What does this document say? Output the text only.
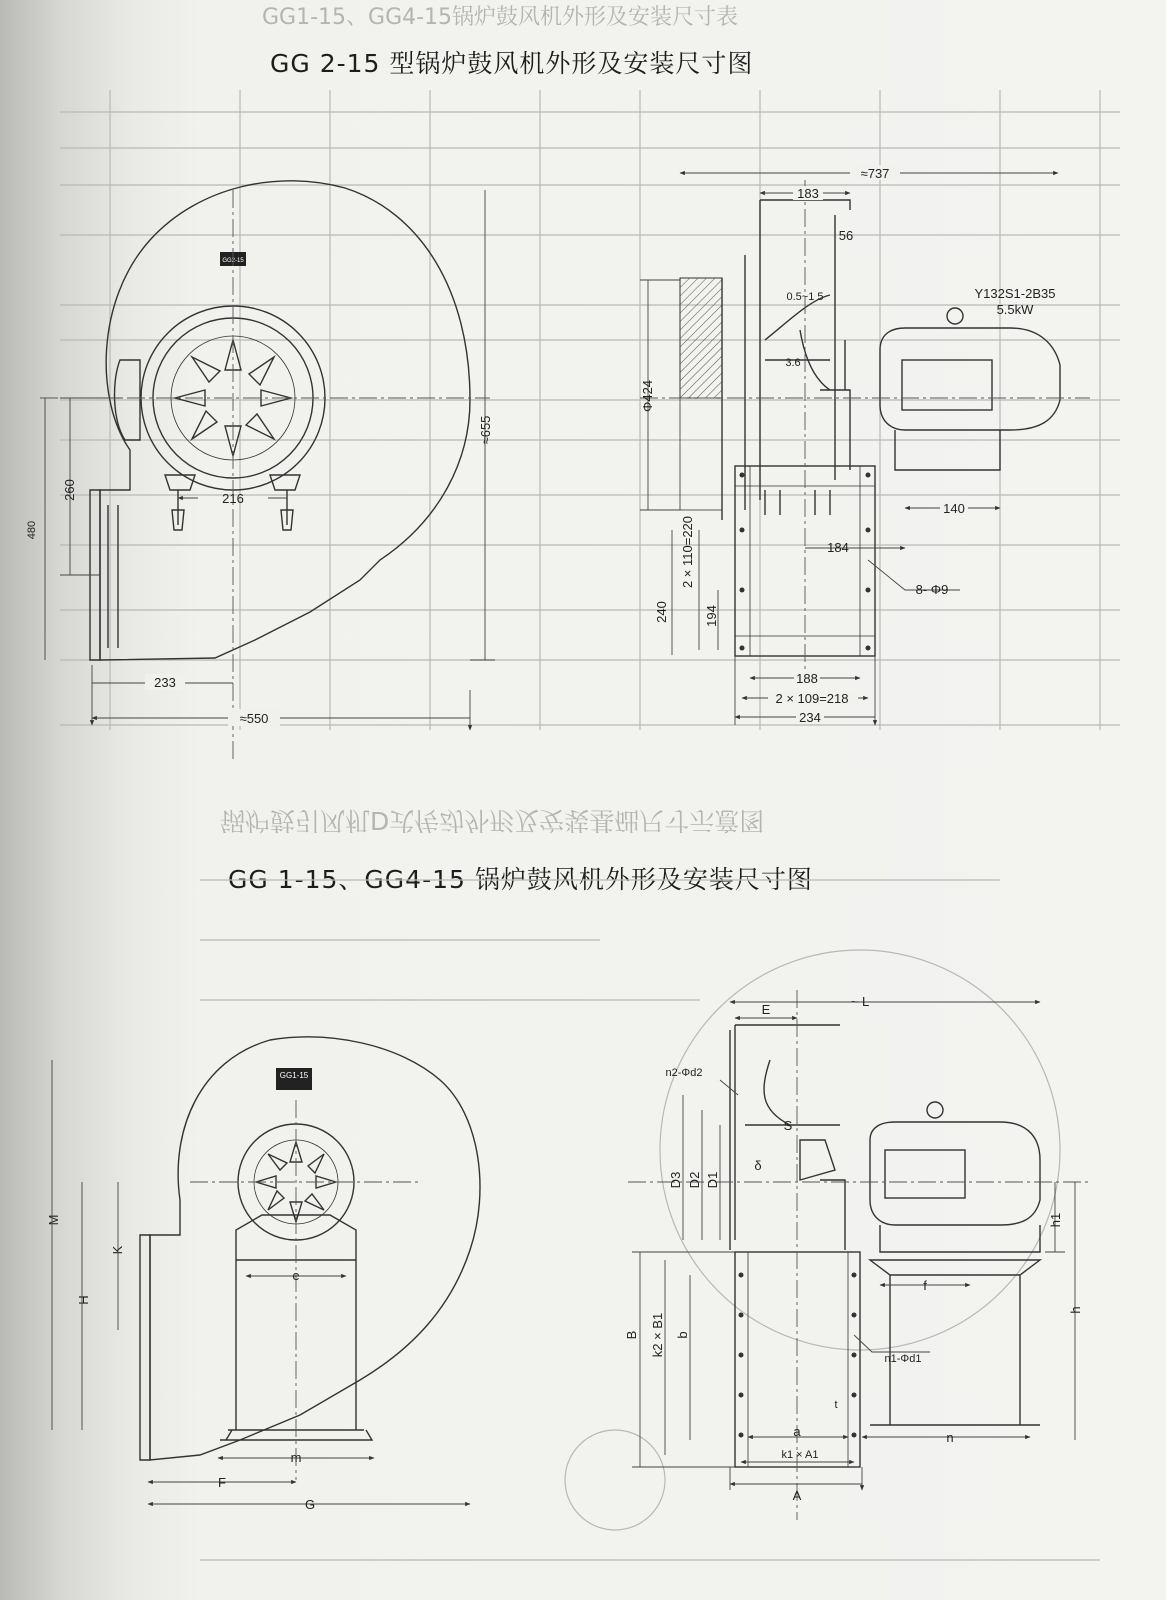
GG 2-15 型锅炉鼓风机外形及安装尺寸图
GG 1-15、GG4-15 锅炉鼓风机外形及安装尺寸图
GG1-15、GG4-15锅炉鼓风机外形及安装尺寸表
锅炉鼓引风机D式传动外形及安装基础尺寸示意图
GG2-15
216
260
480
≈655
233
≈550
Y132S1-2B35
5.5kW
≈737
183
56
0.5~1 5
3.6
Φ424
140
184
8- Φ9
2 × 110=220
194
240
188
2 × 109=218
234
GG1-15
M
H
K
e
m
F
G
~ L
E
n2-Φd2
S
δ
D3 D2 D1
h1
h
f
B k2 × B1 b
n1-Φd1
t
a
k1 × A1
A
n
